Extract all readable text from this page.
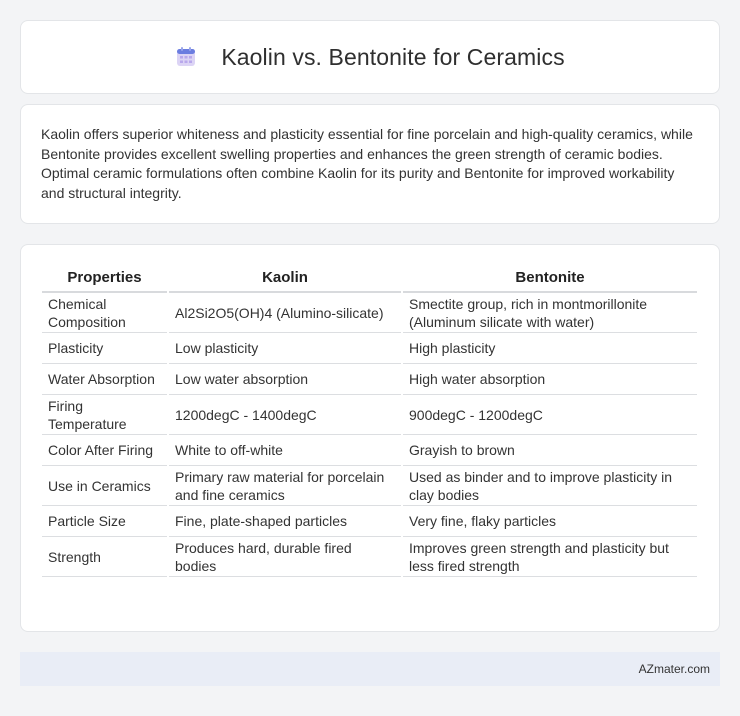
Kaolin vs. Bentonite for Ceramics

Kaolin offers superior whiteness and plasticity essential for fine porcelain and high-quality ceramics, while Bentonite provides excellent swelling properties and enhances the green strength of ceramic bodies. Optimal ceramic formulations often combine Kaolin for its purity and Bentonite for improved workability and structural integrity.

Properties	Kaolin	Bentonite
Chemical Composition	Al2Si2O5(OH)4 (Alumino-silicate)	Smectite group, rich in montmorillonite (Aluminum silicate with water)
Plasticity	Low plasticity	High plasticity
Water Absorption	Low water absorption	High water absorption
Firing Temperature	1200degC - 1400degC	900degC - 1200degC
Color After Firing	White to off-white	Grayish to brown
Use in Ceramics	Primary raw material for porcelain and fine ceramics	Used as binder and to improve plasticity in clay bodies
Particle Size	Fine, plate-shaped particles	Very fine, flaky particles
Strength	Produces hard, durable fired bodies	Improves green strength and plasticity but less fired strength
AZmater.com
